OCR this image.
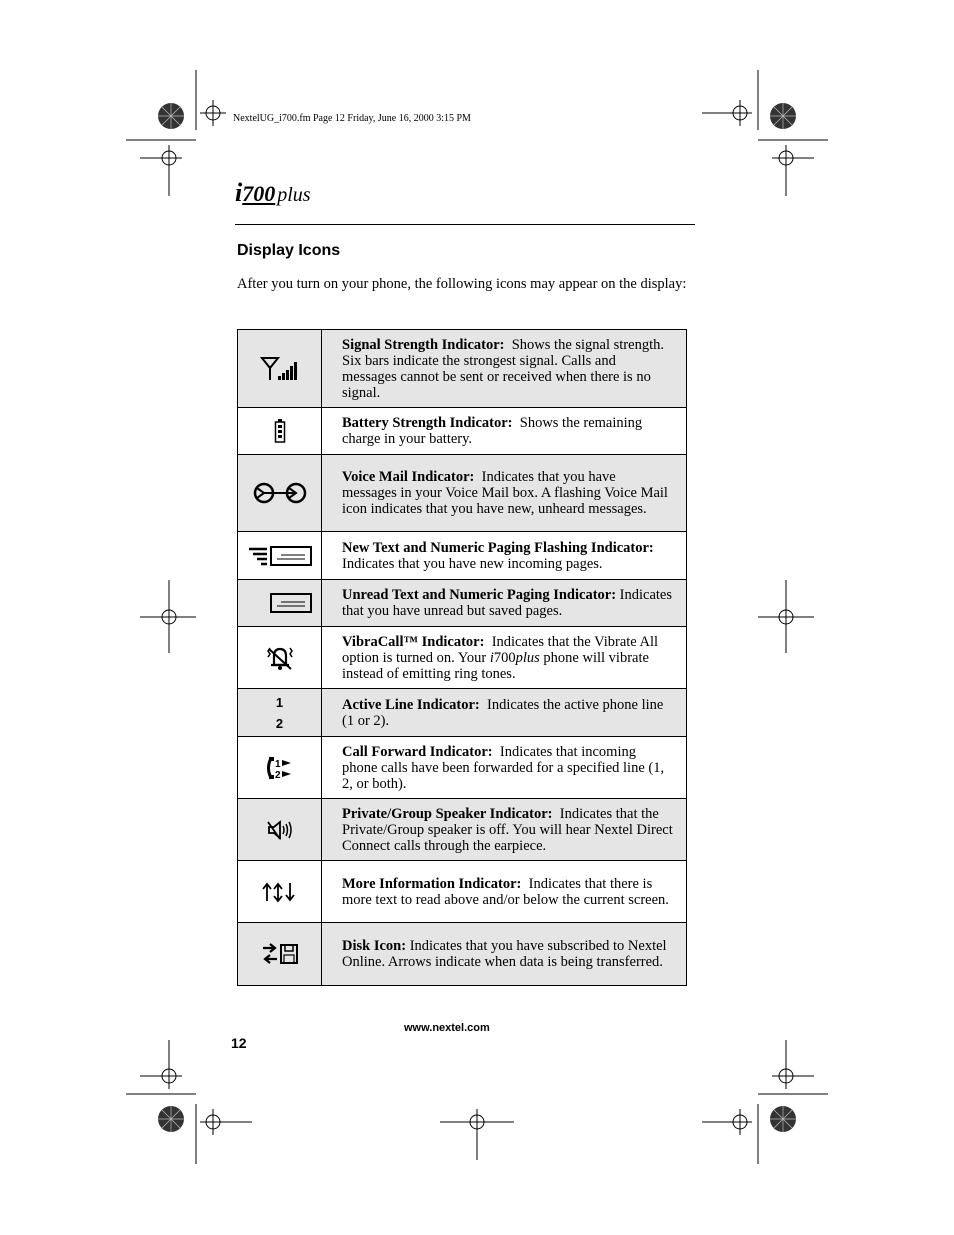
NextelUG_i700.fm Page 12 Friday, June 16, 2000 3:15 PM
i700 plus
Display Icons
After you turn on your phone, the following icons may appear on the display:
	Signal Strength Indicator: Shows the signal strength. Six bars indicate the strongest signal. Calls and messages cannot be sent or received when there is no signal.

	Battery Strength Indicator: Shows the remaining charge in your battery.

	Voice Mail Indicator: Indicates that you have messages in your Voice Mail box. A flashing Voice Mail icon indicates that you have new, unheard messages.

	New Text and Numeric Paging Flashing Indicator: Indicates that you have new incoming pages.

	Unread Text and Numeric Paging Indicator: Indicates that you have unread but saved pages.

	VibraCall™ Indicator: Indicates that the Vibrate All option is turned on. Your i700plus phone will vibrate instead of emitting ring tones.

1
2	Active Line Indicator: Indicates the active phone line (1 or 2).

1
2	Call Forward Indicator: Indicates that incoming phone calls have been forwarded for a specified line (1, 2, or both).

	Private/Group Speaker Indicator: Indicates that the Private/Group speaker is off. You will hear Nextel Direct Connect calls through the earpiece.

	More Information Indicator: Indicates that there is more text to read above and/or below the current screen.

	Disk Icon: Indicates that you have subscribed to Nextel Online. Arrows indicate when data is being transferred.
www.nextel.com
12
